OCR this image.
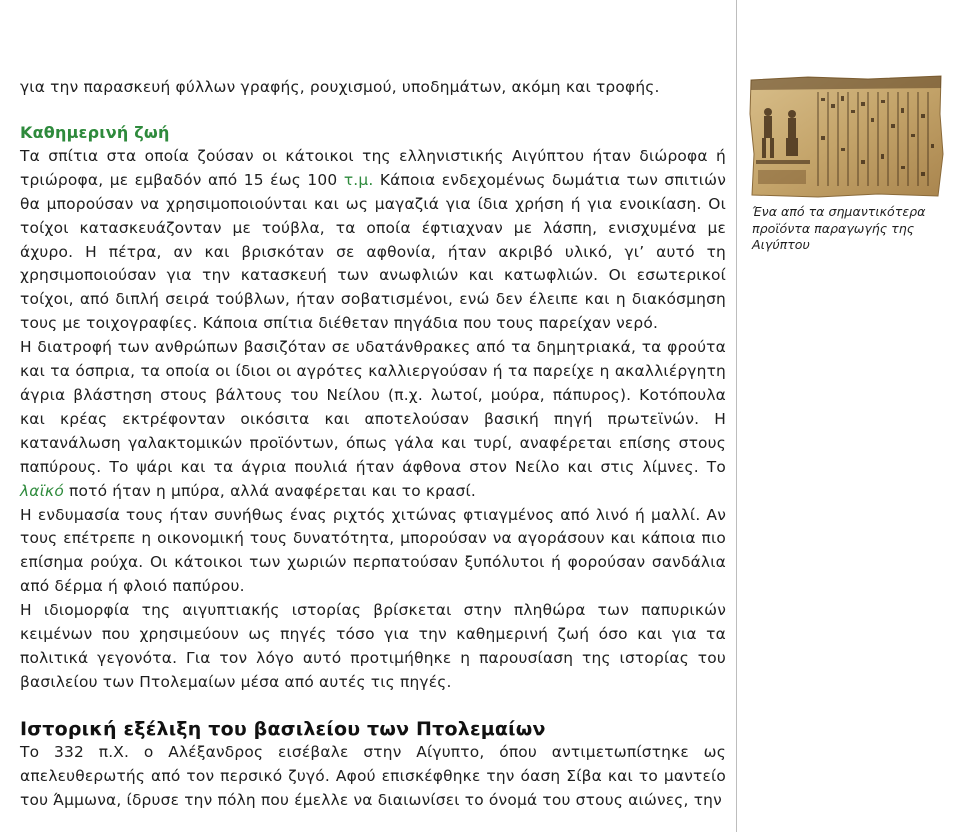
για την παρασκευή φύλλων γραφής, ρουχισμού, υποδημάτων, ακόμη και τροφής.

Καθημερινή ζωή

Τα σπίτια στα οποία ζούσαν οι κάτοικοι της ελληνιστικής Αιγύπτου ήταν διώροφα ή τριώροφα, με εμβαδόν από 15 έως 100 τ.μ. Κάποια ενδεχομένως δωμάτια των σπιτιών θα μπορούσαν να χρησιμοποιούνται και ως μαγαζιά για ίδια χρήση ή για ενοικίαση. Οι τοίχοι κατασκευάζονταν με τούβλα, τα οποία έφτιαχναν με λάσπη, ενισχυμένα με άχυρο. Η πέτρα, αν και βρισκόταν σε αφθονία, ήταν ακριβό υλικό, γι’ αυτό τη χρησιμοποιούσαν για την κατασκευή των ανωφλιών και κατωφλιών. Οι εσωτερικοί τοίχοι, από διπλή σειρά τούβλων, ήταν σοβατισμένοι, ενώ δεν έλειπε και η διακόσμηση τους με τοιχογραφίες. Κάποια σπίτια διέθεταν πηγάδια που τους παρείχαν νερό.

Η διατροφή των ανθρώπων βασιζόταν σε υδατάνθρακες από τα δημητριακά, τα φρούτα και τα όσπρια, τα οποία οι ίδιοι οι αγρότες καλλιεργούσαν ή τα παρείχε η ακαλλιέργητη άγρια βλάστηση στους βάλτους του Νείλου (π.χ. λωτοί, μούρα, πάπυρος). Κοτόπουλα και κρέας εκτρέφονταν οικόσιτα και αποτελούσαν βασική πηγή πρωτεϊνών. Η κατανάλωση γαλακτομικών προϊόντων, όπως γάλα και τυρί, αναφέρεται επίσης στους παπύρους. Το ψάρι και τα άγρια πουλιά ήταν άφθονα στον Νείλο και στις λίμνες. Το λαϊκό ποτό ήταν η μπύρα, αλλά αναφέρεται και το κρασί.

Η ενδυμασία τους ήταν συνήθως ένας ριχτός χιτώνας φτιαγμένος από λινό ή μαλλί. Αν τους επέτρεπε η οικονομική τους δυνατότητα, μπορούσαν να αγοράσουν και κάποια πιο επίσημα ρούχα. Οι κάτοικοι των χωριών περπατούσαν ξυπόλυτοι ή φορούσαν σανδάλια από δέρμα ή φλοιό παπύρου.

Η ιδιομορφία της αιγυπτιακής ιστορίας βρίσκεται στην πληθώρα των παπυρικών κειμένων που χρησιμεύουν ως πηγές τόσο για την καθημερινή ζωή όσο και για τα πολιτικά γεγονότα. Για τον λόγο αυτό προτιμήθηκε η παρουσίαση της ιστορίας του βασιλείου των Πτολεμαίων μέσα από αυτές τις πηγές.

Ιστορική εξέλιξη του βασιλείου των Πτολεμαίων

Το 332 π.Χ. ο Αλέξανδρος εισέβαλε στην Αίγυπτο, όπου αντιμετωπίστηκε ως απελευθερωτής από τον περσικό ζυγό. Αφού επισκέφθηκε την όαση Σίβα και το μαντείο του Άμμωνα, ίδρυσε την πόλη που έμελλε να διαιωνίσει το όνομά του στους αιώνες, την

Ένα από τα σημαντικότερα προϊόντα παραγωγής της Αιγύπτου
